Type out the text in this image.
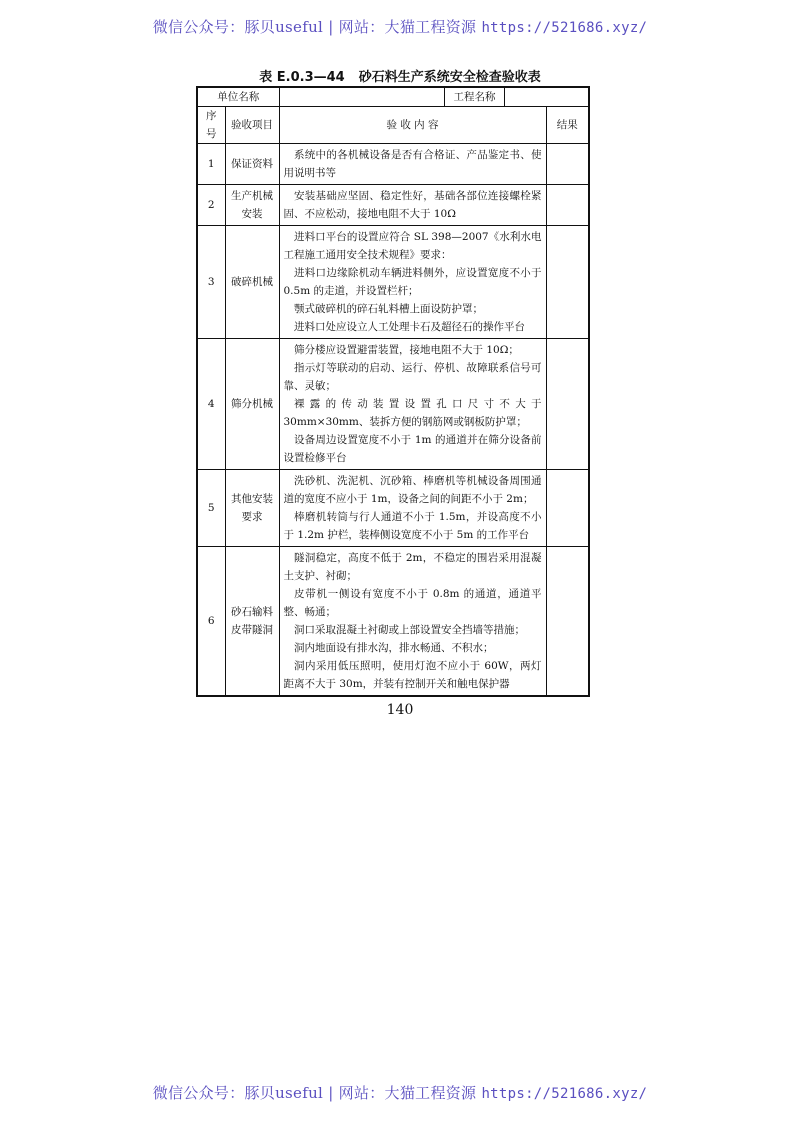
微信公众号：豚贝useful | 网站：大猫工程资源 https://521686.xyz/
表 E.0.3—44 砂石料生产系统安全检查验收表
单位名称	
		工程名称	

序号	验收项目	验 收 内 容	结果
1	保证资料	
系统中的各机械设备是否有合格证、产品鉴定书、使用说明书等

2	生产机械安装	
安装基础应坚固、稳定性好，基础各部位连接螺栓紧固、不应松动，接地电阻不大于 10Ω

3	破碎机械	
进料口平台的设置应符合 SL 398—2007《水利水电工程施工通用安全技术规程》要求：
进料口边缘除机动车辆进料侧外，应设置宽度不小于 0.5m 的走道，并设置栏杆；
颚式破碎机的碎石轧料槽上面设防护罩；
进料口处应设立人工处理卡石及超径石的操作平台

4	筛分机械	
筛分楼应设置避雷装置，接地电阻不大于 10Ω；
指示灯等联动的启动、运行、停机、故障联系信号可靠、灵敏；
裸露的传动装置设置孔口尺寸不大于 30mm×30mm、装拆方便的钢筋网或钢板防护罩；
设备周边设置宽度不小于 1m 的通道并在筛分设备前设置检修平台

5	其他安装要求	
洗砂机、洗泥机、沉砂箱、棒磨机等机械设备周围通道的宽度不应小于 1m，设备之间的间距不小于 2m；
棒磨机转筒与行人通道不小于 1.5m，并设高度不小于 1.2m 护栏，装棒侧设宽度不小于 5m 的工作平台

6	砂石输料皮带隧洞	
隧洞稳定，高度不低于 2m，不稳定的围岩采用混凝土支护、衬砌；
皮带机一侧设有宽度不小于 0.8m 的通道，通道平整、畅通；
洞口采取混凝土衬砌或上部设置安全挡墙等措施；
洞内地面设有排水沟，排水畅通、不积水；
洞内采用低压照明，使用灯泡不应小于 60W，两灯距离不大于 30m，并装有控制开关和触电保护器

140
微信公众号：豚贝useful | 网站：大猫工程资源 https://521686.xyz/
